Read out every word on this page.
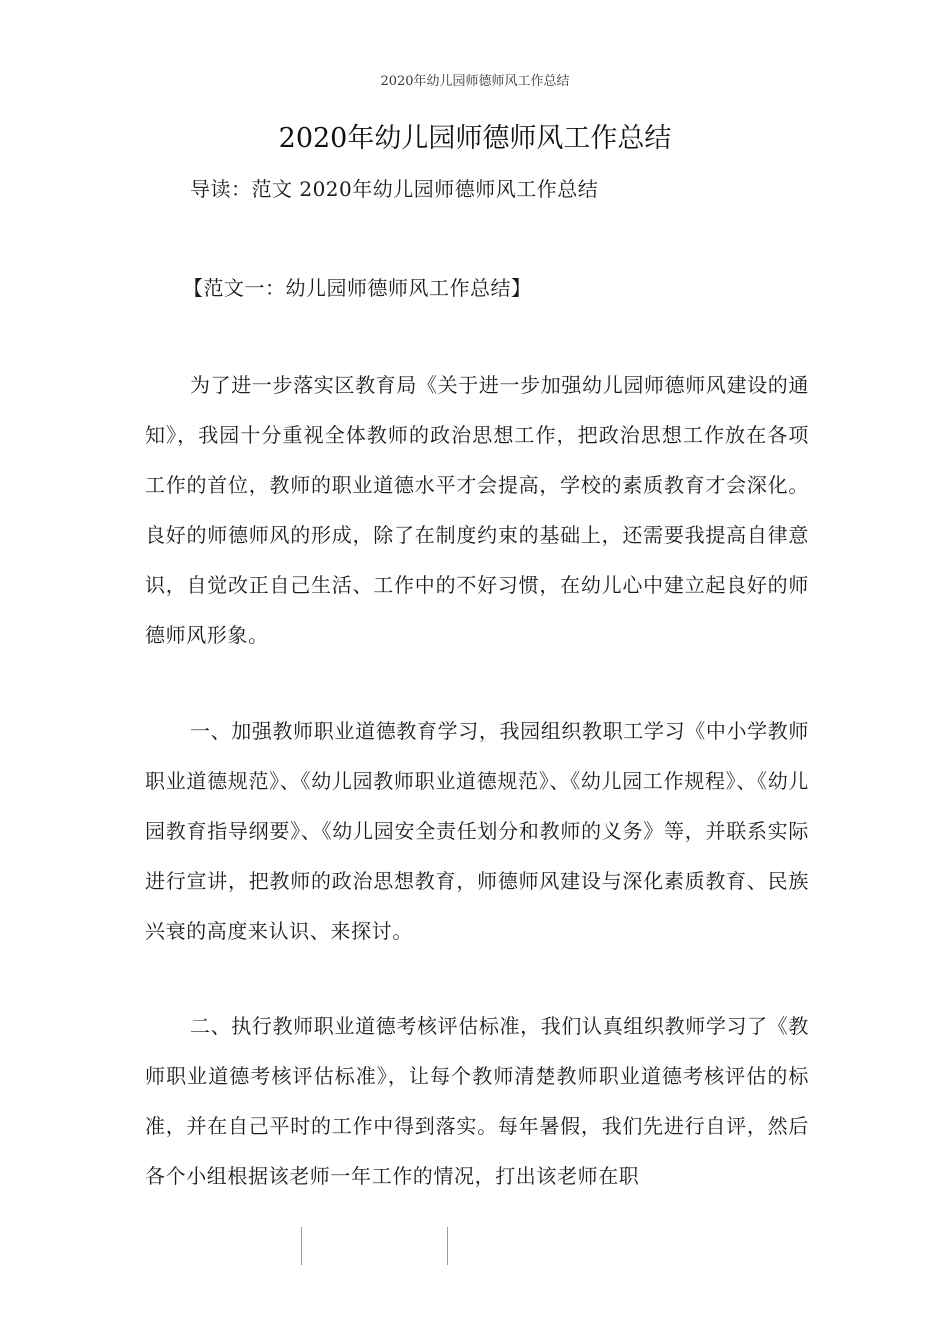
2020年幼儿园师德师风工作总结
2020年幼儿园师德师风工作总结
导读：范文 2020年幼儿园师德师风工作总结
【范文一：幼儿园师德师风工作总结】

为了进一步落实区教育局《关于进一步加强幼儿园师德师风建设的通知》，我园十分重视全体教师的政治思想工作，把政治思想工作放在各项工作的首位，教师的职业道德水平才会提高，学校的素质教育才会深化。良好的师德师风的形成，除了在制度约束的基础上，还需要我提高自律意识，自觉改正自己生活、工作中的不好习惯，在幼儿心中建立起良好的师德师风形象。

一、加强教师职业道德教育学习，我园组织教职工学习《中小学教师职业道德规范》、《幼儿园教师职业道德规范》、《幼儿园工作规程》、《幼儿园教育指导纲要》、《幼儿园安全责任划分和教师的义务》等，并联系实际进行宣讲，把教师的政治思想教育，师德师风建设与深化素质教育、民族兴衰的高度来认识、来探讨。

二、执行教师职业道德考核评估标准，我们认真组织教师学习了《教师职业道德考核评估标准》，让每个教师清楚教师职业道德考核评估的标准，并在自己平时的工作中得到落实。每年暑假，我们先进行自评，然后各个小组根据该老师一年工作的情况，打出该老师在职
